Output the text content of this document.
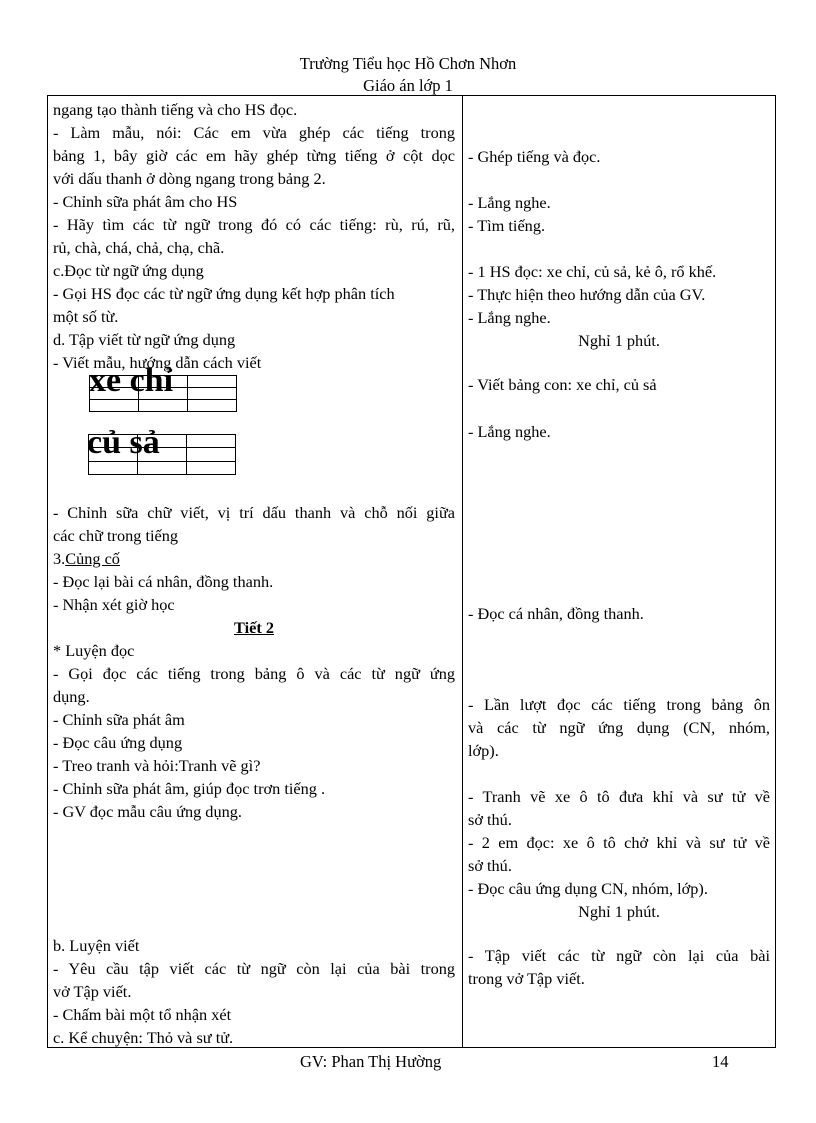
Trường Tiểu học Hồ Chơn Nhơn
Giáo án lớp 1
ngang tạo thành tiếng và cho HS đọc.
- Làm mẫu, nói: Các em vừa ghép các tiếng trong
bảng 1, bây giờ các em hãy ghép từng tiếng ở cột dọc
với dấu thanh ở dòng ngang trong bảng 2.
- Chỉnh sữa phát âm cho HS
- Hãy tìm các từ ngữ trong đó có các tiếng: rù, rú, rũ,
rủ, chà, chá, chả, chạ, chã.
c.Đọc từ ngữ ứng dụng
- Gọi HS đọc các từ ngữ ứng dụng kết hợp phân tích
một số từ.
d. Tập viết từ ngữ ứng dụng
- Viết mẫu, hướng dẫn cách viết
xe chỉ
củ sả
- Chỉnh sữa chữ viết, vị trí dấu thanh và chỗ nối giữa
các chữ trong tiếng
3.Củng cố
- Đọc lại bài cá nhân, đồng thanh.
- Nhận xét giờ học
Tiết 2
* Luyện đọc
- Gọi đọc các tiếng trong bảng ô và các từ ngữ ứng
dụng.
- Chỉnh sữa phát âm
- Đọc câu ứng dụng
- Treo tranh và hỏi:Tranh vẽ gì?
- Chỉnh sữa phát âm, giúp đọc trơn tiếng .
- GV đọc mẫu câu ứng dụng.
b. Luyện viết
- Yêu cầu tập viết các từ ngữ còn lại của bài trong
vở Tập viết.
- Chấm bài một tổ nhận xét
c. Kể chuyện: Thỏ và sư tử.
- Ghép tiếng và đọc.
- Lắng nghe.
- Tìm tiếng.
- 1 HS đọc: xe chỉ, củ sả, kẻ ô, rổ khế.
- Thực hiện theo hướng dẫn của GV.
- Lắng nghe.
Nghỉ 1 phút.
- Viết bảng con: xe chỉ, củ sả
- Lắng nghe.
- Đọc cá nhân, đồng thanh.
- Lần lượt đọc các tiếng trong bảng ôn
và các từ ngữ ứng dụng (CN, nhóm,
lớp).
- Tranh vẽ xe ô tô đưa khỉ và sư tử về
sở thú.
- 2 em đọc: xe ô tô chở khỉ và sư tử về
sở thú.
- Đọc câu ứng dụng CN, nhóm, lớp).
Nghỉ 1 phút.
- Tập viết các từ ngữ còn lại của bài
trong vở Tập viết.
GV: Phan Thị Hường	14
